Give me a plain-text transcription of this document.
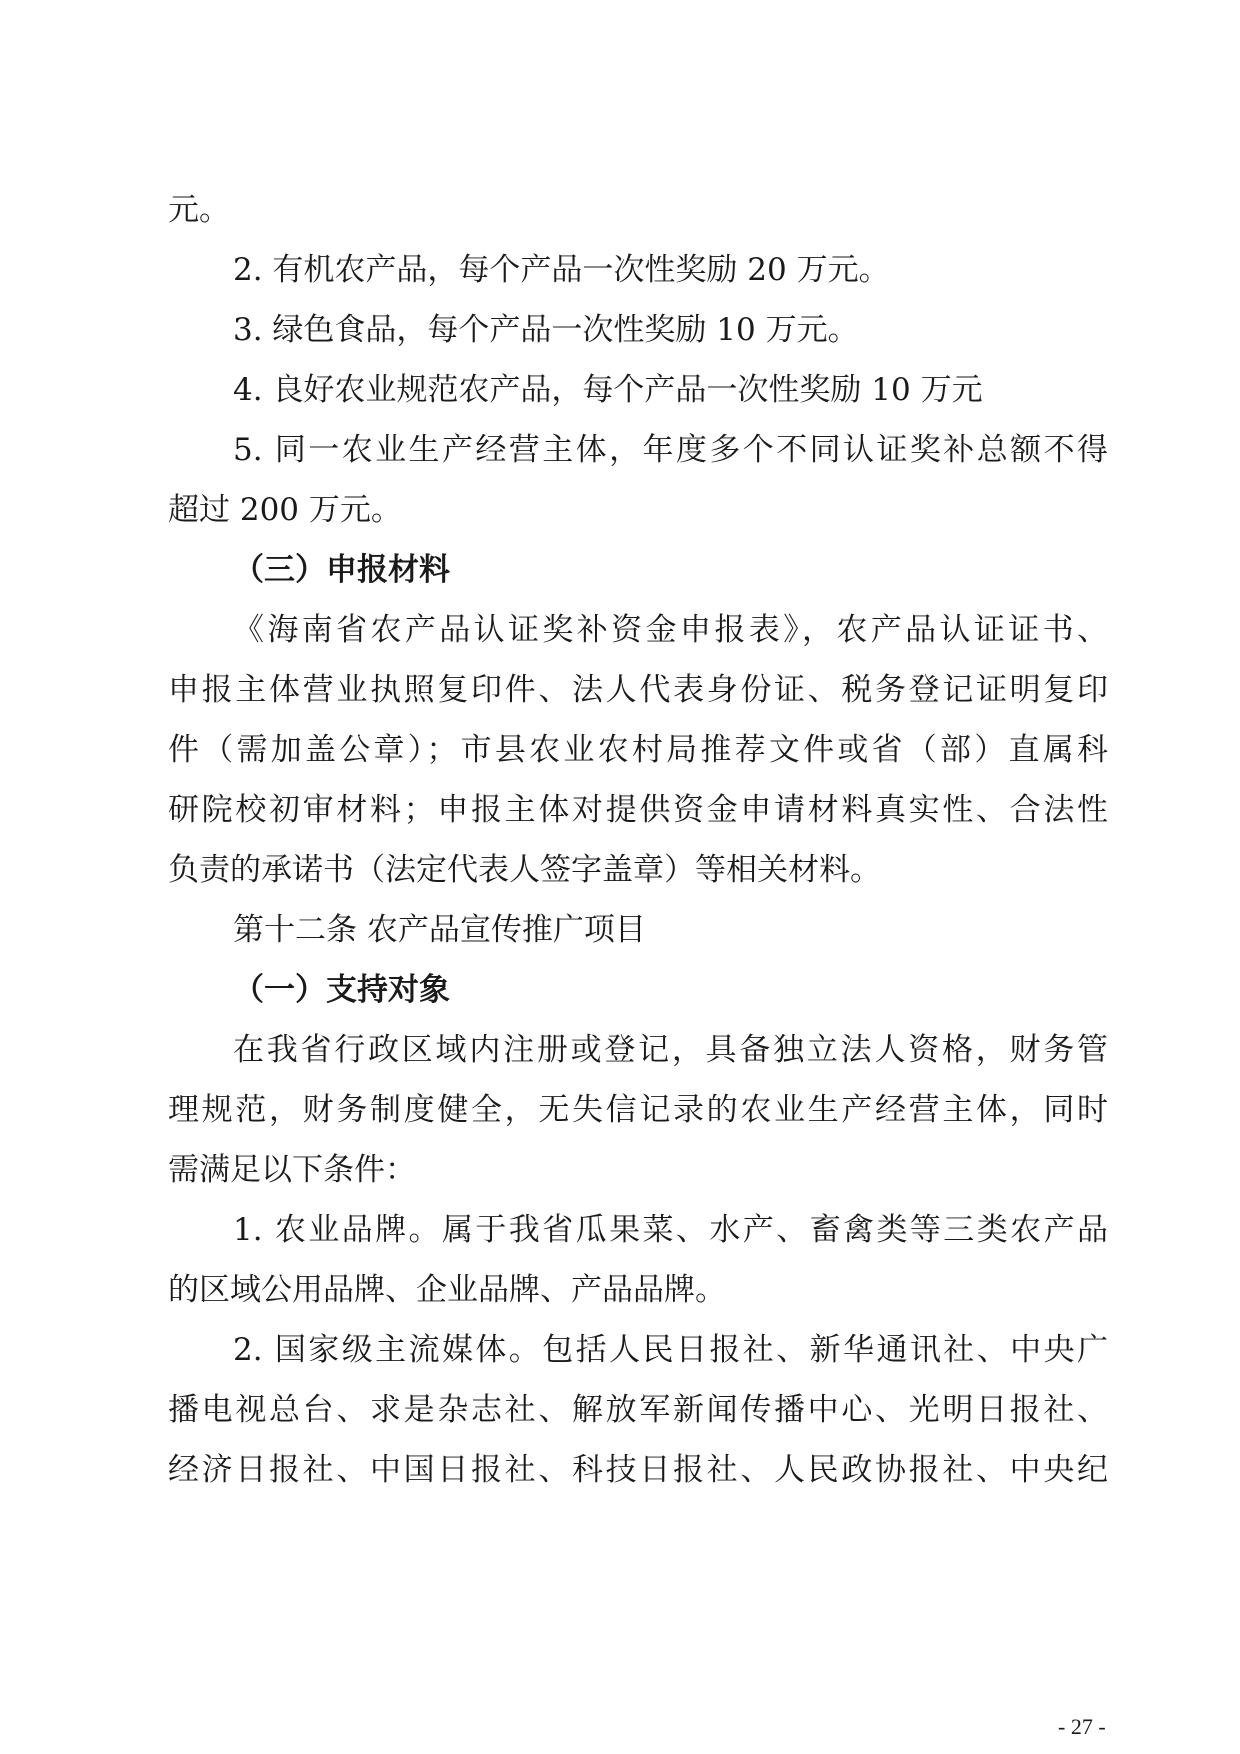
元。
2. 有机农产品，每个产品一次性奖励 20 万元。
3. 绿色食品，每个产品一次性奖励 10 万元。
4. 良好农业规范农产品，每个产品一次性奖励 10 万元
5. 同一农业生产经营主体，年度多个不同认证奖补总额不得
超过 200 万元。
（三）申报材料
《海南省农产品认证奖补资金申报表》，农产品认证证书、
申报主体营业执照复印件、法人代表身份证、税务登记证明复印
件（需加盖公章）；市县农业农村局推荐文件或省（部）直属科
研院校初审材料；申报主体对提供资金申请材料真实性、合法性
负责的承诺书（法定代表人签字盖章）等相关材料。
第十二条 农产品宣传推广项目
（一）支持对象
在我省行政区域内注册或登记，具备独立法人资格，财务管
理规范，财务制度健全，无失信记录的农业生产经营主体，同时
需满足以下条件：
1. 农业品牌。属于我省瓜果菜、水产、畜禽类等三类农产品
的区域公用品牌、企业品牌、产品品牌。
2. 国家级主流媒体。包括人民日报社、新华通讯社、中央广
播电视总台、求是杂志社、解放军新闻传播中心、光明日报社、
经济日报社、中国日报社、科技日报社、人民政协报社、中央纪
- 27 -
